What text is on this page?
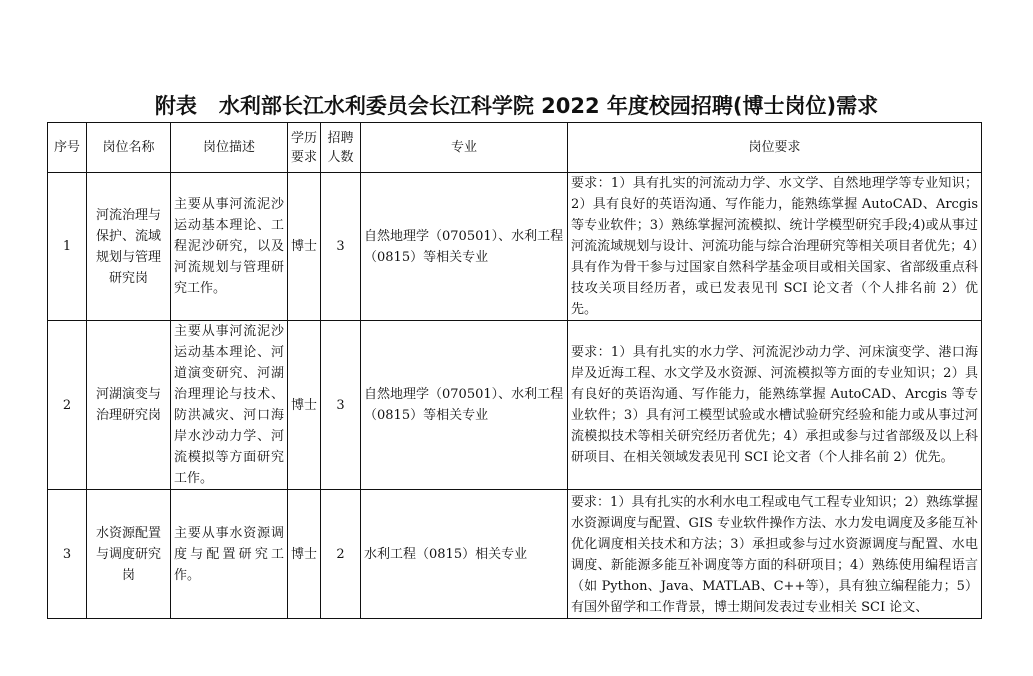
附表 水利部长江水利委员会长江科学院 2022 年度校园招聘(博士岗位)需求
序号	岗位名称	岗位描述	学历要求	招聘人数	专业	岗位要求
1	河流治理与保护、流域规划与管理研究岗	主要从事河流泥沙运动基本理论、工程泥沙研究，以及河流规划与管理研究工作。	博士	3	自然地理学（070501）、水利工程（0815）等相关专业	要求：1）具有扎实的河流动力学、水文学、自然地理学等专业知识；2）具有良好的英语沟通、写作能力，能熟练掌握 AutoCAD、Arcgis 等专业软件；3）熟练掌握河流模拟、统计学模型研究手段;4)或从事过河流流域规划与设计、河流功能与综合治理研究等相关项目者优先；4）具有作为骨干参与过国家自然科学基金项目或相关国家、省部级重点科技攻关项目经历者，或已发表见刊 SCI 论文者（个人排名前 2）优先。
2	河湖演变与治理研究岗	主要从事河流泥沙运动基本理论、河道演变研究、河湖治理理论与技术、防洪减灾、河口海岸水沙动力学、河流模拟等方面研究工作。	博士	3	自然地理学（070501）、水利工程（0815）等相关专业	要求：1）具有扎实的水力学、河流泥沙动力学、河床演变学、港口海岸及近海工程、水文学及水资源、河流模拟等方面的专业知识；2）具有良好的英语沟通、写作能力，能熟练掌握 AutoCAD、Arcgis 等专业软件；3）具有河工模型试验或水槽试验研究经验和能力或从事过河流模拟技术等相关研究经历者优先；4）承担或参与过省部级及以上科研项目、在相关领域发表见刊 SCI 论文者（个人排名前 2）优先。
3	水资源配置与调度研究岗	主要从事水资源调度与配置研究工作。	博士	2	水利工程（0815）相关专业	要求：1）具有扎实的水利水电工程或电气工程专业知识；2）熟练掌握水资源调度与配置、GIS 专业软件操作方法、水力发电调度及多能互补优化调度相关技术和方法；3）承担或参与过水资源调度与配置、水电调度、新能源多能互补调度等方面的科研项目；4）熟练使用编程语言（如 Python、Java、MATLAB、C++等），具有独立编程能力；5）有国外留学和工作背景，博士期间发表过专业相关 SCI 论文、
